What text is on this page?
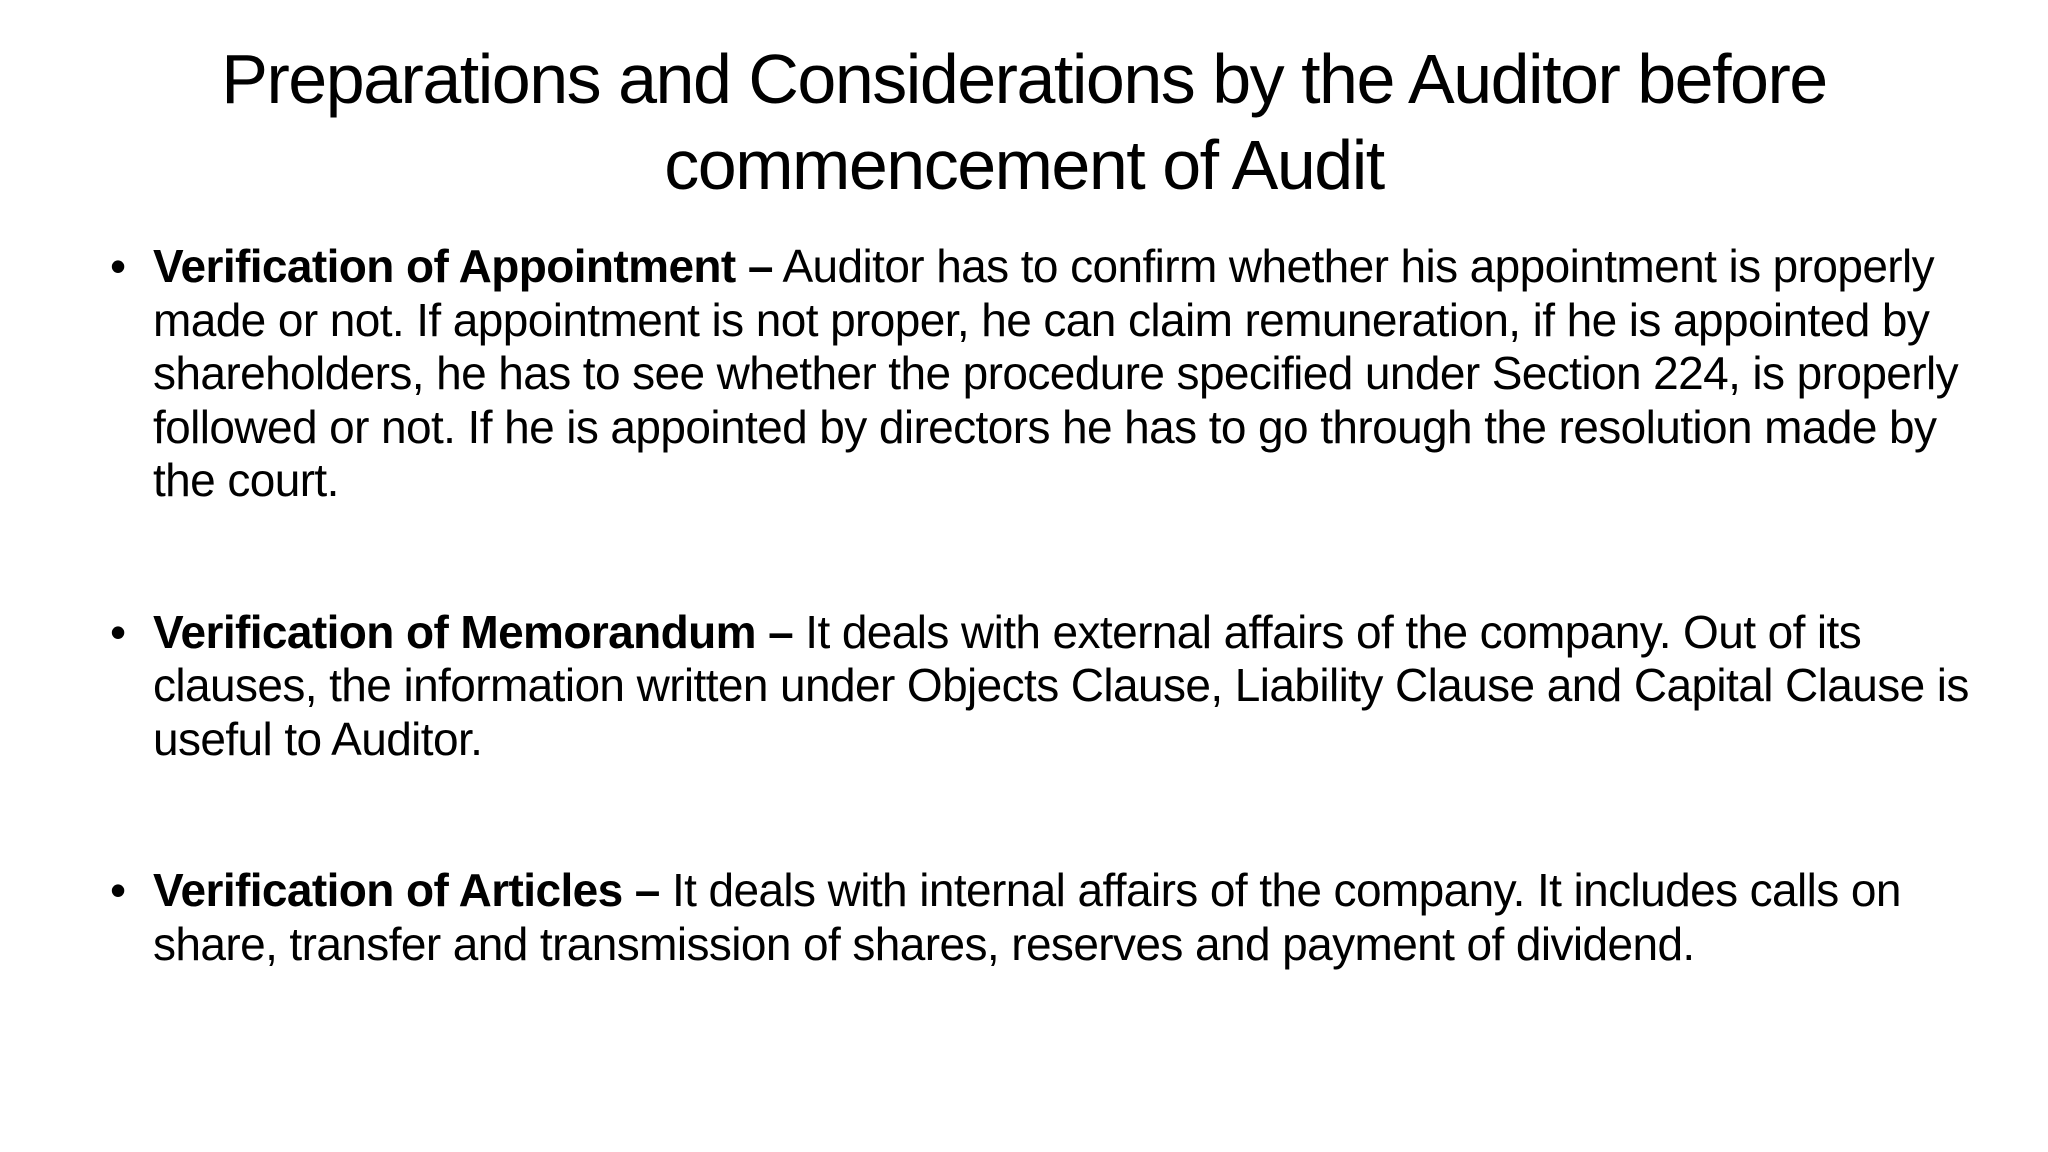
Preparations and Considerations by the Auditor before
commencement of Audit
• Verification of Appointment – Auditor has to confirm whether his appointment is properly made or not. If appointment is not proper, he can claim remuneration, if he is appointed by shareholders, he has to see whether the procedure specified under Section 224, is properly followed or not. If he is appointed by directors he has to go through the resolution made by the court.
• Verification of Memorandum – It deals with external affairs of the company. Out of its clauses, the information written under Objects Clause, Liability Clause and Capital Clause is useful to Auditor.
• Verification of Articles – It deals with internal affairs of the company. It includes calls on share, transfer and transmission of shares, reserves and payment of dividend.
